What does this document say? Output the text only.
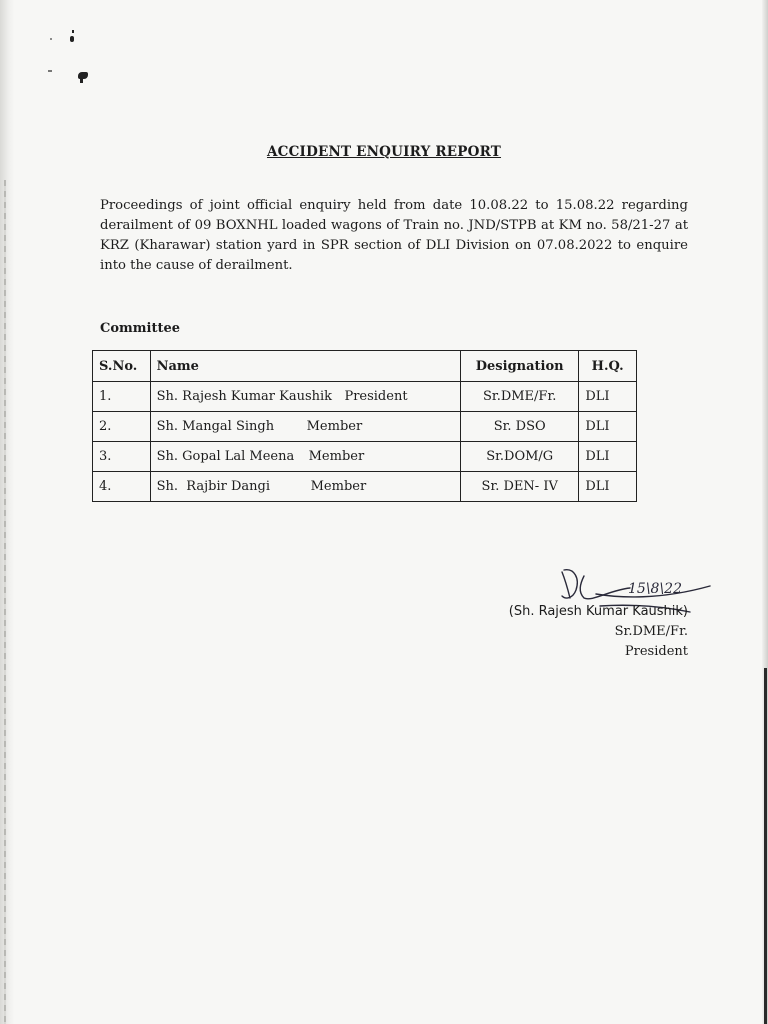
ACCIDENT ENQUIRY REPORT
Proceedings of joint official enquiry held from date 10.08.22 to 15.08.22 regarding derailment of 09 BOXNHL loaded wagons of Train no. JND/STPB at KM no. 58/21-27 at KRZ (Kharawar) station yard in SPR section of DLI Division on 07.08.2022 to enquire into the cause of derailment.
Committee
S.No.	Name	Designation	H.Q.
1.	Sh. Rajesh Kumar Kaushik President	Sr.DME/Fr.	DLI
2.	Sh. Mangal Singh Member	Sr. DSO	DLI
3.	Sh. Gopal Lal Meena Member	Sr.DOM/G	DLI
4.	Sh.  Rajbir Dangi Member	Sr. DEN- IV	DLI
15\8\22
(Sh. Rajesh Kumar Kaushik)
Sr.DME/Fr.
President
